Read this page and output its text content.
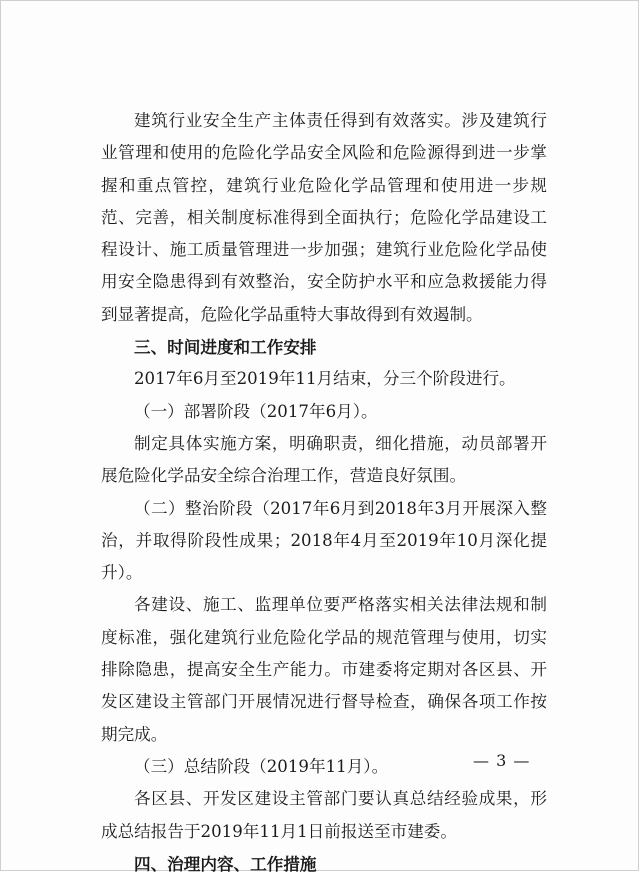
建筑行业安全生产主体责任得到有效落实。涉及建筑行业管理和使用的危险化学品安全风险和危险源得到进一步掌握和重点管控，建筑行业危险化学品管理和使用进一步规范、完善，相关制度标准得到全面执行；危险化学品建设工程设计、施工质量管理进一步加强；建筑行业危险化学品使用安全隐患得到有效整治，安全防护水平和应急救援能力得到显著提高，危险化学品重特大事故得到有效遏制。

三、时间进度和工作安排

2017年6月至2019年11月结束，分三个阶段进行。

（一）部署阶段（2017年6月）。

制定具体实施方案，明确职责，细化措施，动员部署开展危险化学品安全综合治理工作，营造良好氛围。

（二）整治阶段（2017年6月到2018年3月开展深入整治，并取得阶段性成果；2018年4月至2019年10月深化提升）。

各建设、施工、监理单位要严格落实相关法律法规和制度标准，强化建筑行业危险化学品的规范管理与使用，切实排除隐患，提高安全生产能力。市建委将定期对各区县、开发区建设主管部门开展情况进行督导检查，确保各项工作按期完成。

（三）总结阶段（2019年11月）。

各区县、开发区建设主管部门要认真总结经验成果，形成总结报告于2019年11月1日前报送至市建委。

四、治理内容、工作措施

— 3 —
